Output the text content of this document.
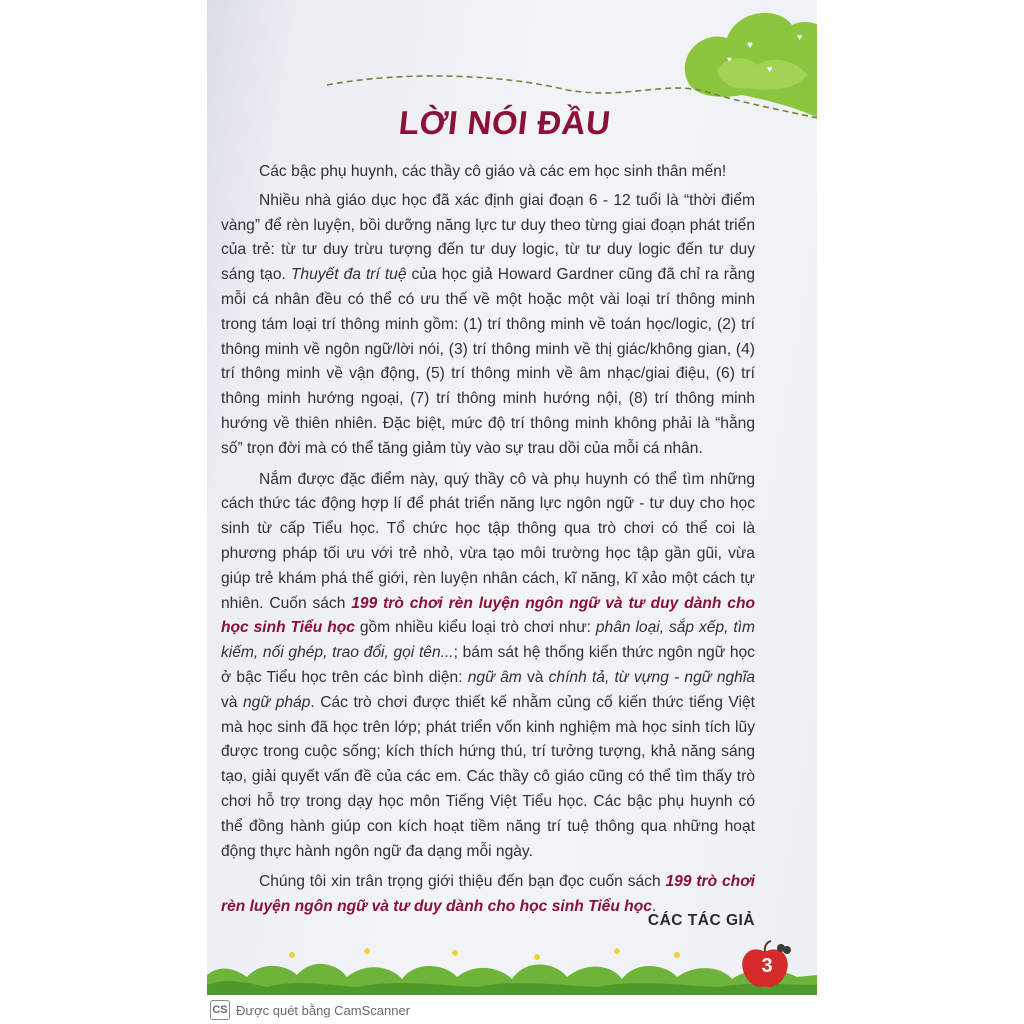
♥
♥
♥
♥
LỜI NÓI ĐẦU

Các bậc phụ huynh, các thầy cô giáo và các em học sinh thân mến!

Nhiều nhà giáo dục học đã xác định giai đoạn 6 - 12 tuổi là “thời điểm vàng” để rèn luyện, bồi dưỡng năng lực tư duy theo từng giai đoạn phát triển của trẻ: từ tư duy trừu tượng đến tư duy logic, từ tư duy logic đến tư duy sáng tạo. Thuyết đa trí tuệ của học giả Howard Gardner cũng đã chỉ ra rằng mỗi cá nhân đều có thể có ưu thế về một hoặc một vài loại trí thông minh trong tám loại trí thông minh gồm: (1) trí thông minh về toán học/logic, (2) trí thông minh về ngôn ngữ/lời nói, (3) trí thông minh về thị giác/không gian, (4) trí thông minh về vận động, (5) trí thông minh về âm nhạc/giai điệu, (6) trí thông minh hướng ngoại, (7) trí thông minh hướng nội, (8) trí thông minh hướng về thiên nhiên. Đặc biệt, mức độ trí thông minh không phải là “hằng số” trọn đời mà có thể tăng giảm tùy vào sự trau dồi của mỗi cá nhân.

Nắm được đặc điểm này, quý thầy cô và phụ huynh có thể tìm những cách thức tác động hợp lí để phát triển năng lực ngôn ngữ - tư duy cho học sinh từ cấp Tiểu học. Tổ chức học tập thông qua trò chơi có thể coi là phương pháp tối ưu với trẻ nhỏ, vừa tạo môi trường học tập gần gũi, vừa giúp trẻ khám phá thế giới, rèn luyện nhân cách, kĩ năng, kĩ xảo một cách tự nhiên. Cuốn sách 199 trò chơi rèn luyện ngôn ngữ và tư duy dành cho học sinh Tiểu học gồm nhiều kiểu loại trò chơi như: phân loại, sắp xếp, tìm kiếm, nối ghép, trao đổi, gọi tên...; bám sát hệ thống kiến thức ngôn ngữ học ở bậc Tiểu học trên các bình diện: ngữ âm và chính tả, từ vựng - ngữ nghĩa và ngữ pháp. Các trò chơi được thiết kế nhằm củng cố kiến thức tiếng Việt mà học sinh đã học trên lớp; phát triển vốn kinh nghiệm mà học sinh tích lũy được trong cuộc sống; kích thích hứng thú, trí tưởng tượng, khả năng sáng tạo, giải quyết vấn đề của các em. Các thầy cô giáo cũng có thể tìm thấy trò chơi hỗ trợ trong dạy học môn Tiếng Việt Tiểu học. Các bậc phụ huynh có thể đồng hành giúp con kích hoạt tiềm năng trí tuệ thông qua những hoạt động thực hành ngôn ngữ đa dạng mỗi ngày.

Chúng tôi xin trân trọng giới thiệu đến bạn đọc cuốn sách 199 trò chơi rèn luyện ngôn ngữ và tư duy dành cho học sinh Tiểu học.

CÁC TÁC GIẢ
3
CS Được quét bằng CamScanner
